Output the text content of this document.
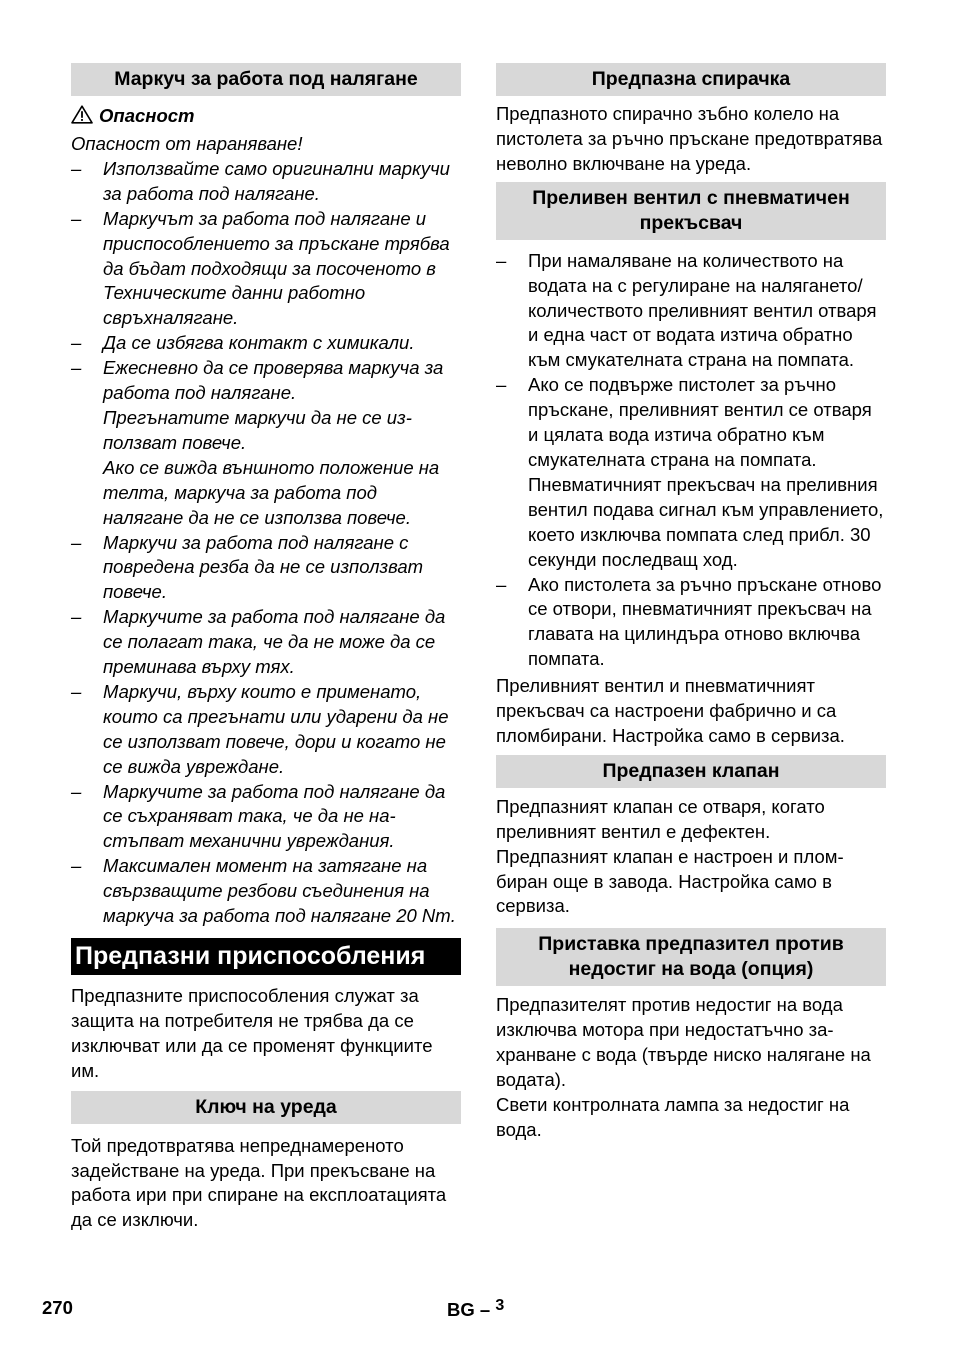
Маркуч за работа под налягане
Опасност

Опасност от нараняване!

– Използвайте само оригинални маркучи за работа под налягане.
– Маркучът за работа под налягане и приспособлението за пръскане трябва да бъдат подходящи за посоченото в Техническите данни работно свръхналягане.
– Да се избягва контакт с химикали.
– Ежесневно да се проверява маркуча за работа под налягане.
Прегънатите маркучи да не се използват повече.
Ако се вижда външното положение на телта, маркуча за работа под налягане да не се използва повече.
– Маркучи за работа под налягане с повредена резба да не се използват повече.
– Маркучите за работа под налягане да се полагат така, че да не може да се преминава върху тях.
– Маркучи, върху които е применато, които са прегънати или ударени да не се използват повече, дори и когато не се вижда увреждане.
– Маркучите за работа под налягане да се съхраняват така, че да не настъпват механични увреждания.
– Максимален момент на затягане на свързващите резбови съединения на маркуча за работа под налягане 20 Nm.
Предпазни приспособления

Предпазните приспособления служат за защита на потребителя не трябва да се изключват или да се променят функциите им.

Ключ на уреда

Той предотвратява непреднамереното задействане на уреда. При прекъсване на работа ири при спиране на експлоатацията да се изключи.

Предпазна спирачка

Предпазното спирачно зъбно колело на пистолета за ръчно пръскане предотвратява неволно включване на уреда.

Преливен вентил с пневматичен прекъсвач
– При намаляване на количеството на водата на с регулиране на налягането/количеството преливният вентил отваря и една част от водата изтича обратно към смукателната страна на помпата.
– Ако се подвърже пистолет за ръчно пръскане, преливният вентил се отваря и цялата вода изтича обратно към смукателната страна на помпата. Пневматичният прекъсвач на преливния вентил подава сигнал към управлението, което изключва помпата след прибл. 30 секунди последващ ход.
– Ако пистолета за ръчно пръскане отново се отвори, пневматичният прекъсвач на главата на цилиндъра отново включва помпата.

Преливният вентил и пневматичният прекъсвач са настроени фабрично и са пломбирани. Настройка само в сервиза.

Предпазен клапан

Предпазният клапан се отваря, когато преливният вентил е дефектен.

Предпазният клапан е настроен и пломбиран още в завода. Настройка само в сервиза.

Приставка предпазител против недостиг на вода (опция)

Предпазителят против недостиг на вода изключва мотора при недостатъчно захранване с вода (твърде ниско налягане на водата).

Свети контролната лампа за недостиг на вода.

270	BG – $^3$
